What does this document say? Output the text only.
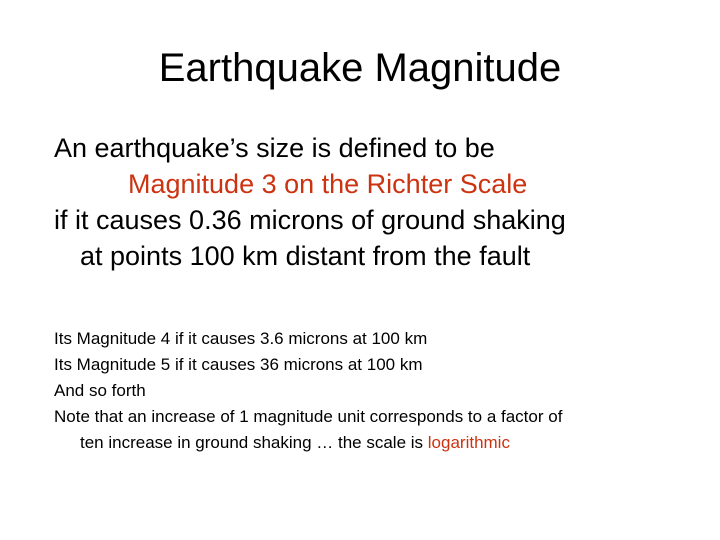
Earthquake Magnitude
An earthquake’s size is defined to be
Magnitude 3 on the Richter Scale
if it causes 0.36 microns of ground shaking
at points 100 km distant from the fault
Its Magnitude 4 if it causes 3.6 microns at 100 km
Its Magnitude 5 if it causes 36 microns at 100 km
And so forth
Note that an increase of 1 magnitude unit corresponds to a factor of
ten increase in ground shaking … the scale is logarithmic
